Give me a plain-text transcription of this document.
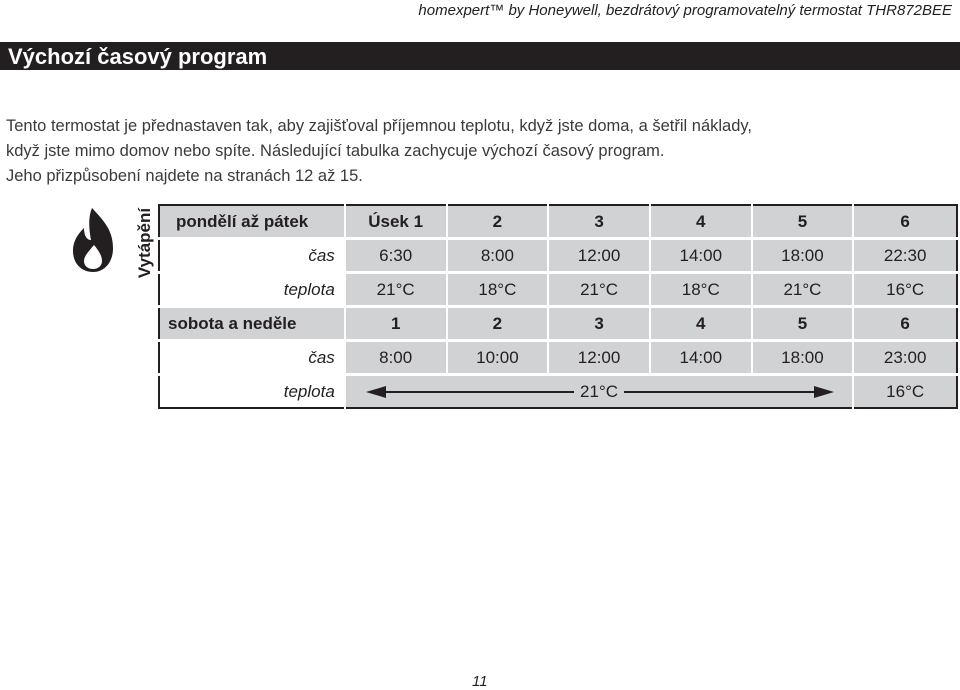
homexpert™ by Honeywell, bezdrátový programovatelný termostat THR872BEE
Výchozí časový program
Tento termostat je přednastaven tak, aby zajišťoval příjemnou teplotu, když jste doma, a šetřil náklady,
když jste mimo domov nebo spíte. Následující tabulka zachycuje výchozí časový program.
Jeho přizpůsobení najdete na stranách 12 až 15.
Vytápění pondělí až pátek	Úsek 1	2	3	4	5	6
čas	6:30	8:00	12:00	14:00	18:00	22:30
teplota	21°C	18°C	21°C	18°C	21°C	16°C
sobota a neděle	1	2	3	4	5	6
čas	8:00	10:00	12:00	14:00	18:00	23:00
teplota	21°C					16°C
11
